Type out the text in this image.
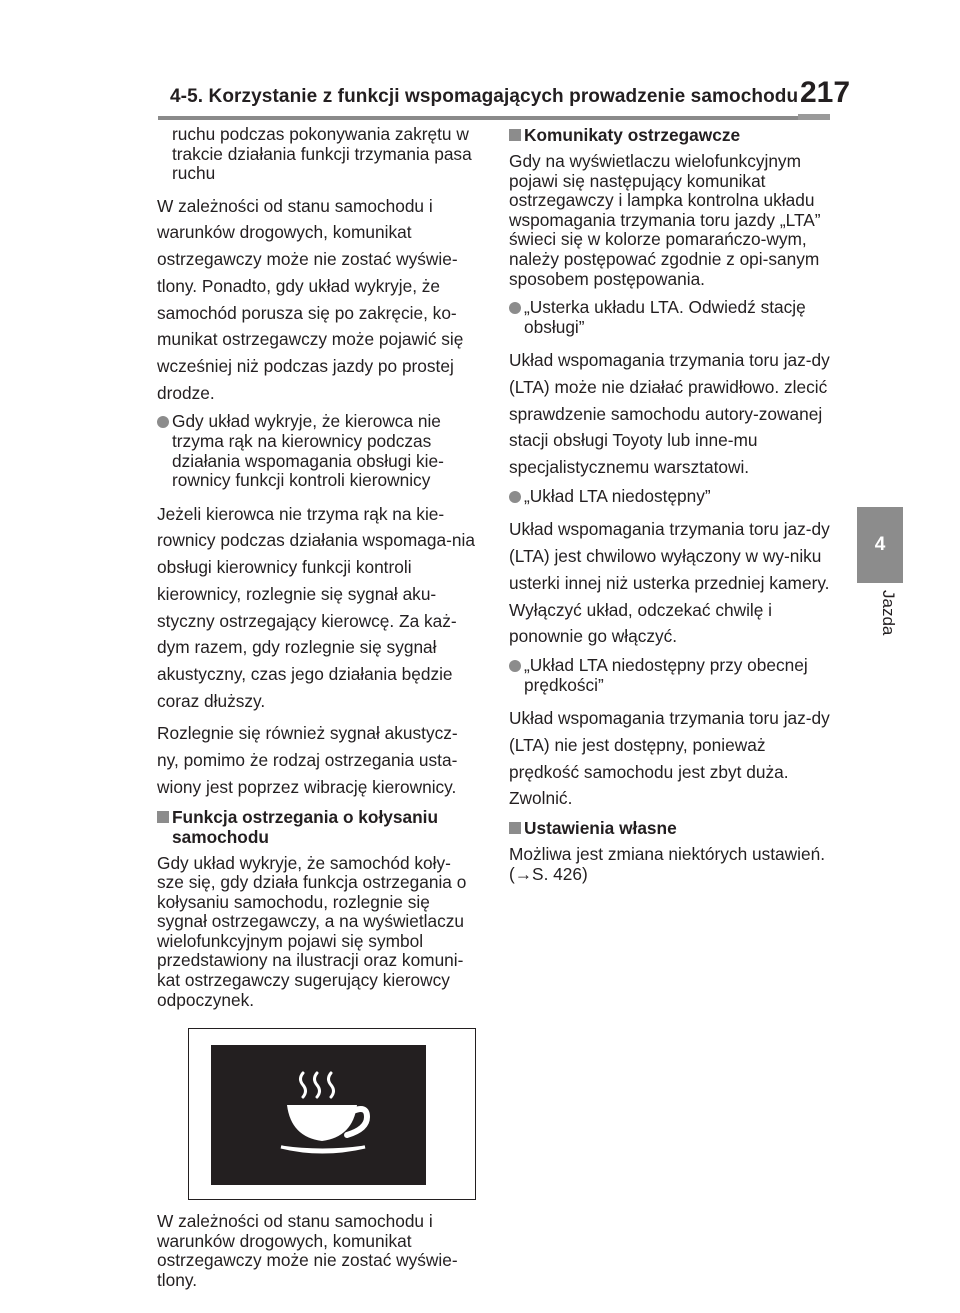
4-5. Korzystanie z funkcji wspomagających prowadzenie samochodu 217
4
Jazda

ruchu podczas pokonywania zakrętu w trakcie działania funkcji trzymania pasa ruchu

W zależności od stanu samochodu i warunków drogowych, komunikat ostrzegawczy może nie zostać wyświe-tlony. Ponadto, gdy układ wykryje, że samochód porusza się po zakręcie, ko-munikat ostrzegawczy może pojawić się wcześniej niż podczas jazdy po prostej drodze.

Gdy układ wykryje, że kierowca nie trzyma rąk na kierownicy podczas działania wspomagania obsługi kie-rownicy funkcji kontroli kierownicy

Jeżeli kierowca nie trzyma rąk na kie-rownicy podczas działania wspomaga-nia obsługi kierownicy funkcji kontroli kierownicy, rozlegnie się sygnał aku-styczny ostrzegający kierowcę. Za każ-dym razem, gdy rozlegnie się sygnał akustyczny, czas jego działania będzie coraz dłuższy.

Rozlegnie się również sygnał akustycz-ny, pomimo że rodzaj ostrzegania usta-wiony jest poprzez wibrację kierownicy.

Funkcja ostrzegania o kołysaniu samochodu

Gdy układ wykryje, że samochód koły-sze się, gdy działa funkcja ostrzegania o kołysaniu samochodu, rozlegnie się sygnał ostrzegawczy, a na wyświetlaczu wielofunkcyjnym pojawi się symbol przedstawiony na ilustracji oraz komuni-kat ostrzegawczy sugerujący kierowcy odpoczynek.

W zależności od stanu samochodu i warunków drogowych, komunikat ostrzegawczy może nie zostać wyświe-tlony.

Komunikaty ostrzegawcze

Gdy na wyświetlaczu wielofunkcyjnym pojawi się następujący komunikat ostrzegawczy i lampka kontrolna układu wspomagania trzymania toru jazdy „LTA” świeci się w kolorze pomarańczo-wym, należy postępować zgodnie z opi-sanym sposobem postępowania.

„Usterka układu LTA. Odwiedź stację obsługi”

Układ wspomagania trzymania toru jaz-dy (LTA) może nie działać prawidłowo. zlecić sprawdzenie samochodu autory-zowanej stacji obsługi Toyoty lub inne-mu specjalistycznemu warsztatowi.

„Układ LTA niedostępny”

Układ wspomagania trzymania toru jaz-dy (LTA) jest chwilowo wyłączony w wy-niku usterki innej niż usterka przedniej kamery. Wyłączyć układ, odczekać chwilę i ponownie go włączyć.

„Układ LTA niedostępny przy obecnej prędkości”

Układ wspomagania trzymania toru jaz-dy (LTA) nie jest dostępny, ponieważ prędkość samochodu jest zbyt duża. Zwolnić.

Ustawienia własne

Możliwa jest zmiana niektórych ustawień. (→S. 426)
